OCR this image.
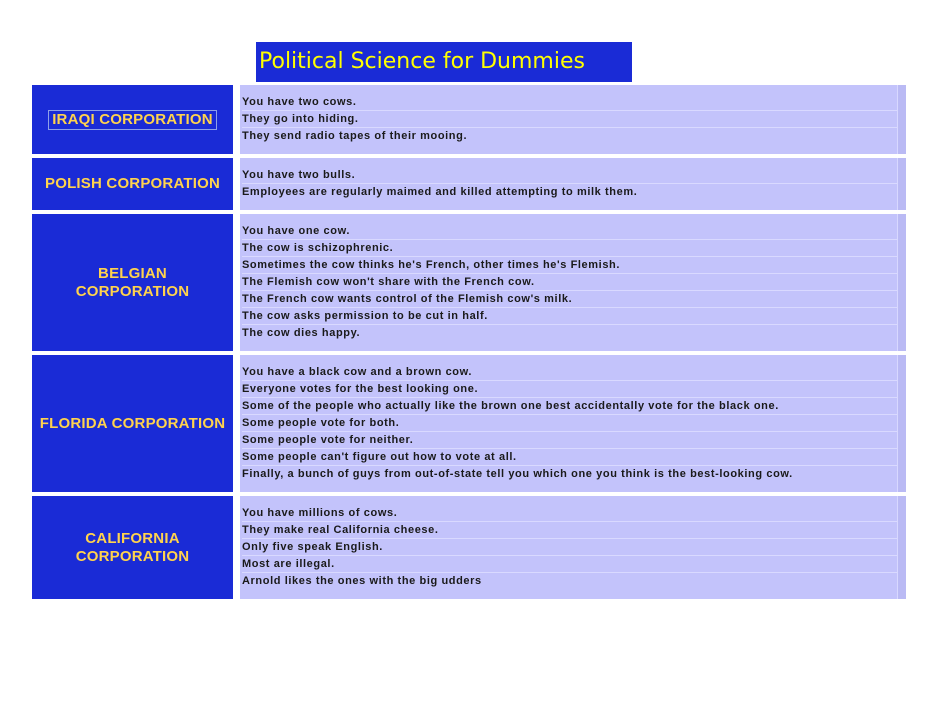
Political Science for Dummies
IRAQI CORPORATION
You have two cows.
They go into hiding.
They send radio tapes of their mooing.
POLISH CORPORATION You have two bulls.
Employees are regularly maimed and killed attempting to milk them.
BELGIAN
CORPORATION
You have one cow.
The cow is schizophrenic.
Sometimes the cow thinks he's French, other times he's Flemish.
The Flemish cow won't share with the French cow.
The French cow wants control of the Flemish cow's milk.
The cow asks permission to be cut in half.
The cow dies happy.
FLORIDA CORPORATION
You have a black cow and a brown cow.
Everyone votes for the best looking one.
Some of the people who actually like the brown one best accidentally vote for the black one.
Some people vote for both.
Some people vote for neither.
Some people can't figure out how to vote at all.
Finally, a bunch of guys from out-of-state tell you which one you think is the best-looking cow.
CALIFORNIA
CORPORATION
You have millions of cows.
They make real California cheese.
Only five speak English.
Most are illegal.
Arnold likes the ones with the big udders
